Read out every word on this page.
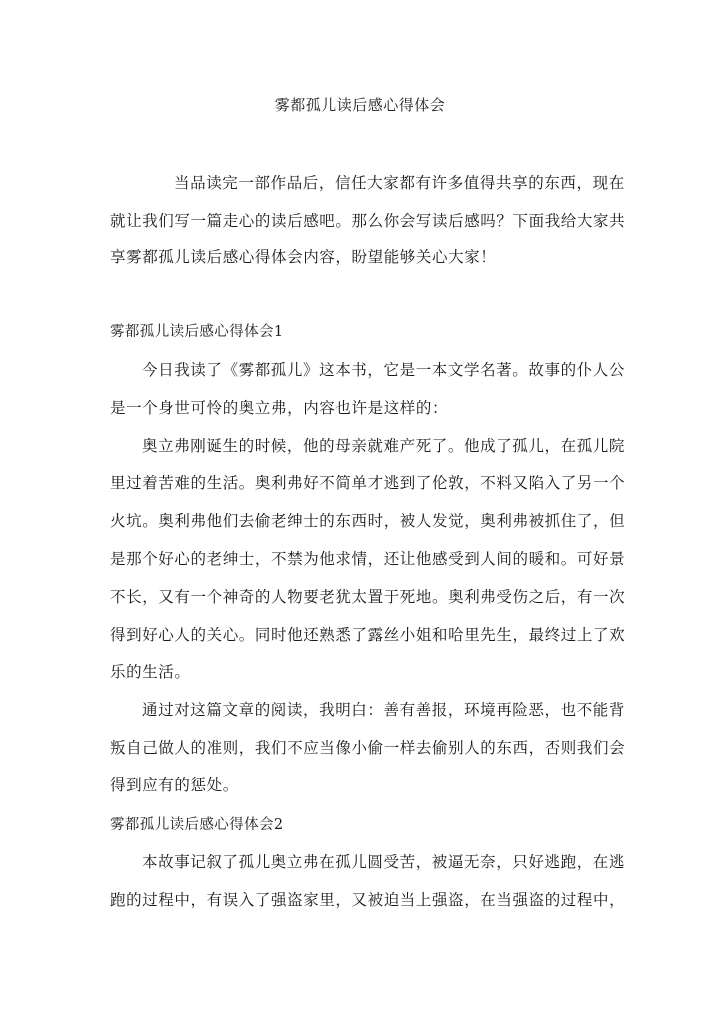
雾都孤儿读后感心得体会
当品读完一部作品后，信任大家都有许多值得共享的东西，现在
就让我们写一篇走心的读后感吧。那么你会写读后感吗？下面我给大家共
享雾都孤儿读后感心得体会内容，盼望能够关心大家！
雾都孤儿读后感心得体会1
今日我读了《雾都孤儿》这本书，它是一本文学名著。故事的仆人公
是一个身世可怜的奥立弗，内容也许是这样的：
奥立弗刚诞生的时候，他的母亲就难产死了。他成了孤儿，在孤儿院
里过着苦难的生活。奥利弗好不简单才逃到了伦敦，不料又陷入了另一个
火坑。奥利弗他们去偷老绅士的东西时，被人发觉，奥利弗被抓住了，但
是那个好心的老绅士，不禁为他求情，还让他感受到人间的暖和。可好景
不长，又有一个神奇的人物要老犹太置于死地。奥利弗受伤之后，有一次
得到好心人的关心。同时他还熟悉了露丝小姐和哈里先生，最终过上了欢
乐的生活。
通过对这篇文章的阅读，我明白：善有善报，环境再险恶，也不能背
叛自己做人的准则，我们不应当像小偷一样去偷别人的东西，否则我们会
得到应有的惩处。
雾都孤儿读后感心得体会2
本故事记叙了孤儿奥立弗在孤儿圆受苦，被逼无奈，只好逃跑，在逃
跑的过程中，有误入了强盗家里，又被迫当上强盗，在当强盗的过程中，
